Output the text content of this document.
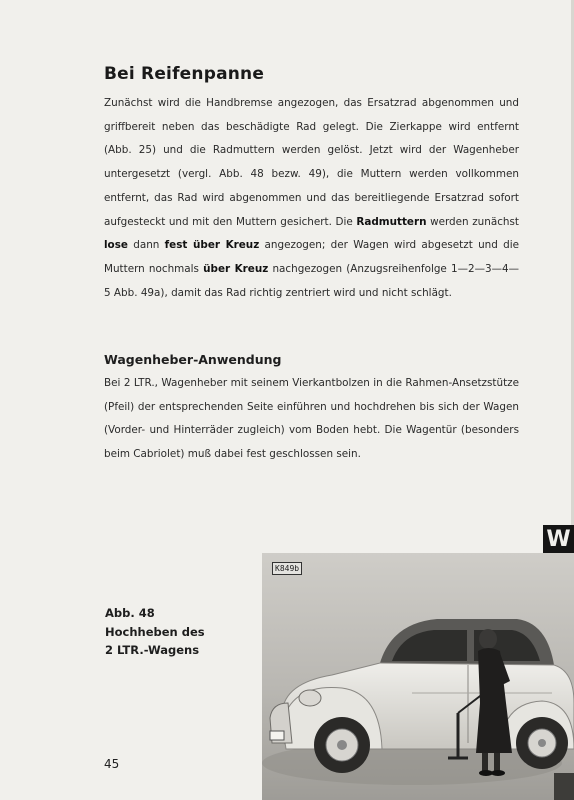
Bei Reifenpanne
Zunächst wird die Handbremse angezogen, das Ersatzrad abgenommen und griffbereit neben das beschädigte Rad gelegt. Die Zierkappe wird entfernt (Abb. 25) und die Radmuttern werden gelöst. Jetzt wird der Wagenheber untergesetzt (vergl. Abb. 48 bezw. 49), die Muttern werden vollkommen entfernt, das Rad wird abgenommen und das bereitliegende Ersatzrad sofort aufgesteckt und mit den Muttern gesichert. Die Radmuttern werden zunächst lose dann fest über Kreuz angezogen; der Wagen wird abgesetzt und die Muttern nochmals über Kreuz nachgezogen (Anzugsreihenfolge 1—2—3—4—5 Abb. 49a), damit das Rad richtig zentriert wird und nicht schlägt.
Wagenheber-Anwendung
Bei 2 LTR., Wagenheber mit seinem Vierkantbolzen in die Rahmen-Ansetzstütze (Pfeil) der entsprechenden Seite einführen und hochdrehen bis sich der Wagen (Vorder- und Hinterräder zugleich) vom Boden hebt. Die Wagentür (besonders beim Cabriolet) muß dabei fest geschlossen sein.
W
Abb. 48
Hochheben des
2 LTR.-Wagens
K849b
45
